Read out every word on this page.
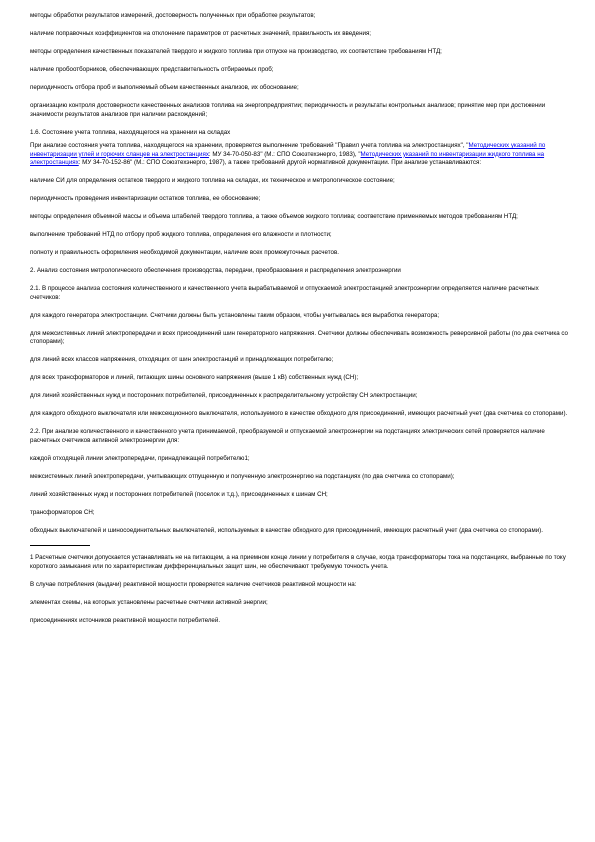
методы обработки результатов измерений, достоверность полученных при обработке результатов;

наличие поправочных коэффициентов на отклонение параметров от расчетных значений, правильность их введения;

методы определения качественных показателей твердого и жидкого топлива при отпуске на производство, их соответствие требованиям НТД;

наличие пробоотборников, обеспечивающих представительность отбираемых проб;

периодичность отбора проб и выполняемый объем качественных анализов, их обоснование;

организацию контроля достоверности качественных анализов топлива на энергопредприятии; периодичность и результаты контрольных анализов; принятие мер при достижении значимости результатов анализов при наличии расхождений;

1.6. Состояние учета топлива, находящегося на хранении на складах

При анализе состояния учета топлива, находящегося на хранении, проверяется выполнение требований "Правил учета топлива на электростанциях", "Методических указаний по инвентаризации углей и горючих сланцев на электростанциях: МУ 34-70-050-83" (М.: СПО Союзтехэнерго, 1983), "Методических указаний по инвентаризации жидкого топлива на электростанциях: МУ 34-70-152-86" (М.: СПО Союзтехэнерго, 1987), а также требований другой нормативной документации. При анализе устанавливаются:

наличие СИ для определения остатков твердого и жидкого топлива на складах, их техническое и метрологическое состояние;

периодичность проведения инвентаризации остатков топлива, ее обоснование;

методы определения объемной массы и объема штабелей твердого топлива, а также объемов жидкого топлива; соответствие применяемых методов требованиям НТД;

выполнение требований НТД по отбору проб жидкого топлива, определения его влажности и плотности;

полноту и правильность оформления необходимой документации, наличие всех промежуточных расчетов.

2. Анализ состояния метрологического обеспечения производства, передачи, преобразования и распределения электроэнергии

2.1. В процессе анализа состояния количественного и качественного учета вырабатываемой и отпускаемой электростанцией электроэнергии определяется наличие расчетных счетчиков:

для каждого генератора электростанции. Счетчики должны быть установлены таким образом, чтобы учитывалась вся выработка генератора;

для межсистемных линий электропередачи и всех присоединений шин генераторного напряжения. Счетчики должны обеспечивать возможность реверсивной работы (по два счетчика со стопорами);

для линий всех классов напряжения, отходящих от шин электростанций и принадлежащих потребителю;

для всех трансформаторов и линий, питающих шины основного напряжения (выше 1 кВ) собственных нужд (СН);

для линий хозяйственных нужд и посторонних потребителей, присоединенных к распределительному устройству СН электростанции;

для каждого обходного выключателя или межсекционного выключателя, используемого в качестве обходного для присоединений, имеющих расчетный учет (два счетчика со стопорами).

2.2. При анализе количественного и качественного учета принимаемой, преобразуемой и отпускаемой электроэнергии на подстанциях электрических сетей проверяется наличие расчетных счетчиков активной электроэнергии для:

каждой отходящей линии электропередачи, принадлежащей потребителю1;

межсистемных линий электропередачи, учитывающих отпущенную и полученную электроэнергию на подстанциях (по два счетчика со стопорами);

линий хозяйственных нужд и посторонних потребителей (поселок и т.д.), присоединенных к шинам СН;

трансформаторов СН;

обходных выключателей и шиносоединительных выключателей, используемых в качестве обходного для присоединений, имеющих расчетный учет (два счетчика со стопорами).

1 Расчетные счетчики допускается устанавливать не на питающем, а на приемном конце линии у потребителя в случае, когда трансформаторы тока на подстанциях, выбранные по току короткого замыкания или по характеристикам дифференциальных защит шин, не обеспечивают требуемую точность учета.

В случае потребления (выдачи) реактивной мощности проверяется наличие счетчиков реактивной мощности на:

элементах схемы, на которых установлены расчетные счетчики активной энергии;

присоединениях источников реактивной мощности потребителей.
